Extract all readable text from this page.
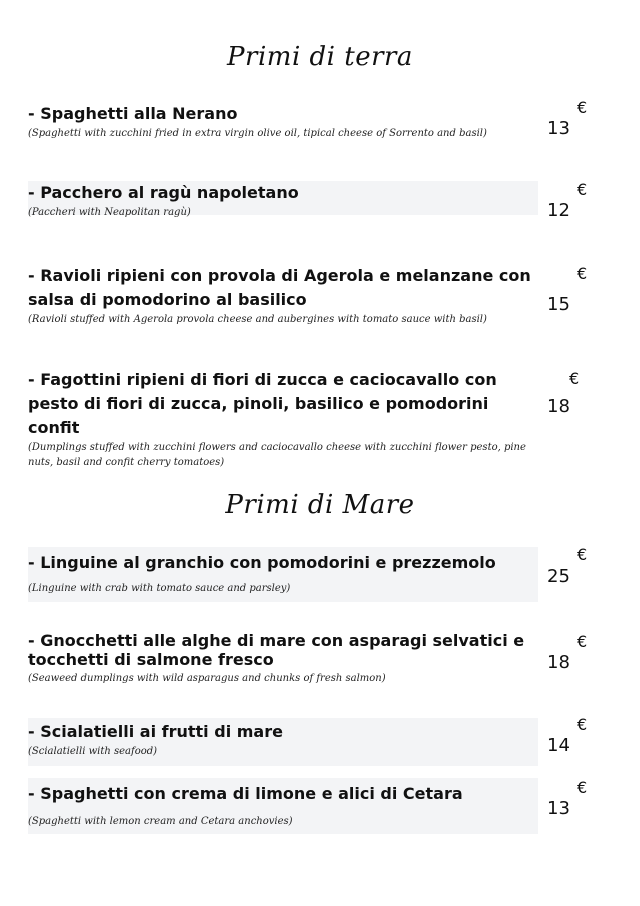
Primi di terra

- Spaghetti alla Nerano

(Spaghetti with zucchini fried in extra virgin olive oil, tipical cheese of Sorrento and basil)

€
13

- Pacchero al ragù napoletano

(Paccheri with Neapolitan ragù)

€
12

- Ravioli ripieni con provola di Agerola e melanzane con salsa di pomodorino al basilico

(Ravioli stuffed with Agerola provola cheese and aubergines with tomato sauce with basil)

€
15

- Fagottini ripieni di fiori di zucca e caciocavallo con pesto di fiori di zucca, pinoli, basilico e pomodorini confit

(Dumplings stuffed with zucchini flowers and caciocavallo cheese with zucchini flower pesto, pine nuts, basil and confit cherry tomatoes)

€
18
Primi di Mare

- Linguine al granchio con pomodorini e prezzemolo

(Linguine with crab with tomato sauce and parsley)

€
25

- Gnocchetti alle alghe di mare con asparagi selvatici e tocchetti di salmone fresco

(Seaweed dumplings with wild asparagus and chunks of fresh salmon)

€
18

- Scialatielli ai frutti di mare

(Scialatielli with seafood)

€
14

- Spaghetti con crema di limone e alici di Cetara

(Spaghetti with lemon cream and Cetara anchovies)

€
13
